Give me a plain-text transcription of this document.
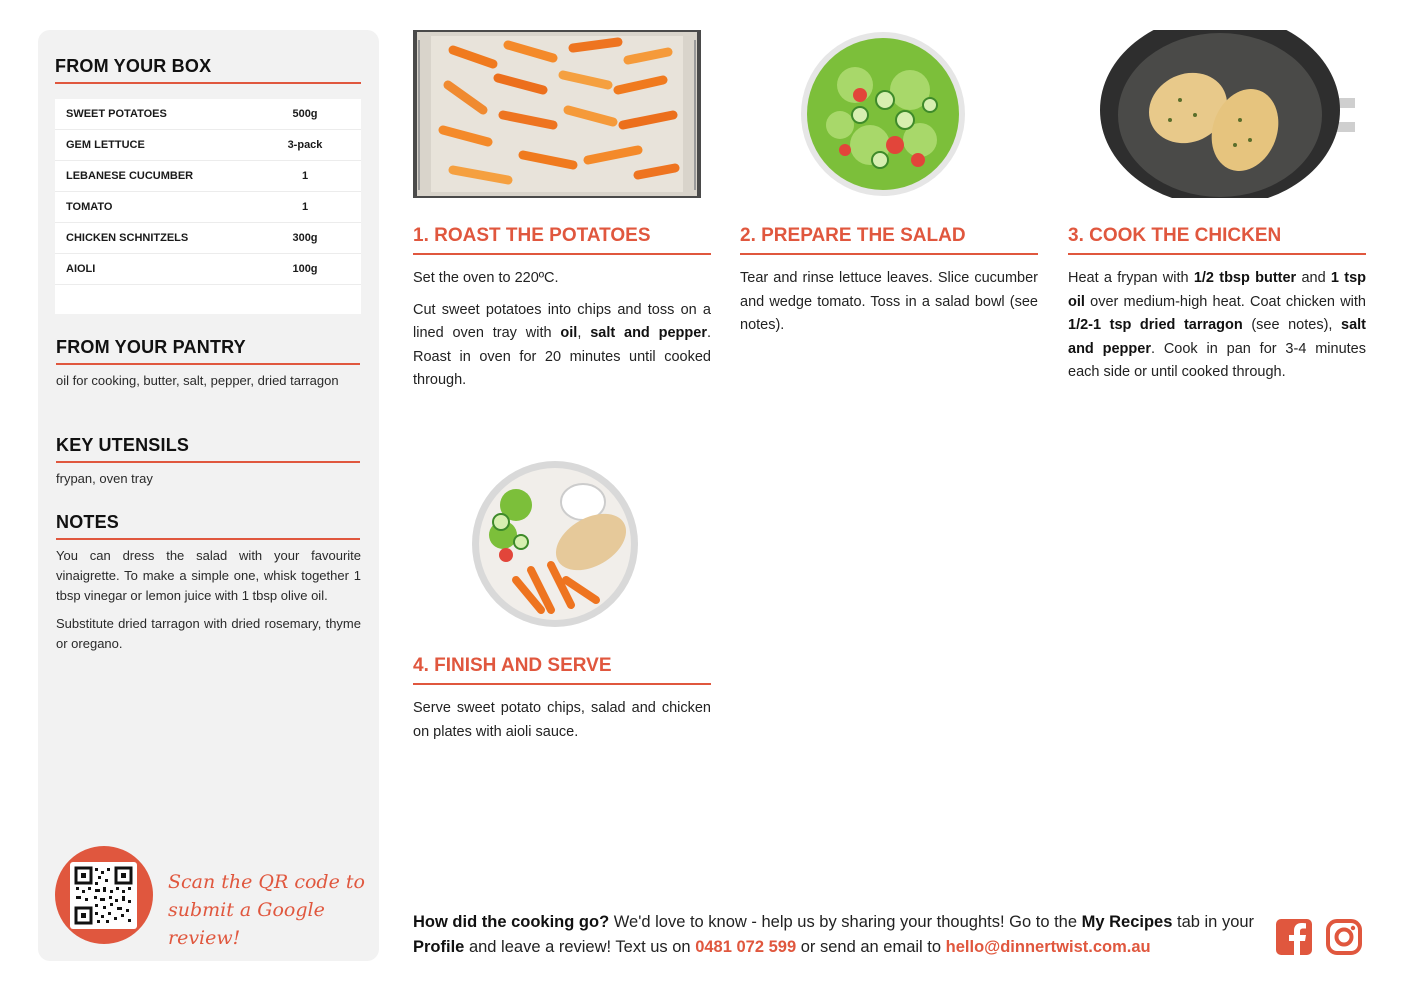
FROM YOUR BOX
SWEET POTATOES	500g
GEM LETTUCE	3-pack
LEBANESE CUCUMBER	1
TOMATO	1
CHICKEN SCHNITZELS	300g
AIOLI	100g
FROM YOUR PANTRY
oil for cooking, butter, salt, pepper, dried tarragon
KEY UTENSILS
frypan, oven tray
NOTES
You can dress the salad with your favourite vinaigrette. To make a simple one, whisk together 1 tbsp vinegar or lemon juice with 1 tbsp olive oil.
Substitute dried tarragon with dried rosemary, thyme or oregano.
Scan the QR code to
submit a Google review!
1. ROAST THE POTATOES

Set the oven to 220ºC.

Cut sweet potatoes into chips and toss on a lined oven tray with oil, salt and pepper. Roast in oven for 20 minutes until cooked through.

2. PREPARE THE SALAD

Tear and rinse lettuce leaves. Slice cucumber and wedge tomato. Toss in a salad bowl (see notes).

3. COOK THE CHICKEN

Heat a frypan with 1/2 tbsp butter and 1 tsp oil over medium-high heat. Coat chicken with 1/2-1 tsp dried tarragon (see notes), salt and pepper. Cook in pan for 3-4 minutes each side or until cooked through.

4. FINISH AND SERVE

Serve sweet potato chips, salad and chicken on plates with aioli sauce.

How did the cooking go? We'd love to know - help us by sharing your thoughts! Go to the My Recipes tab in your Profile and leave a review! Text us on 0481 072 599 or send an email to hello@dinnertwist.com.au
